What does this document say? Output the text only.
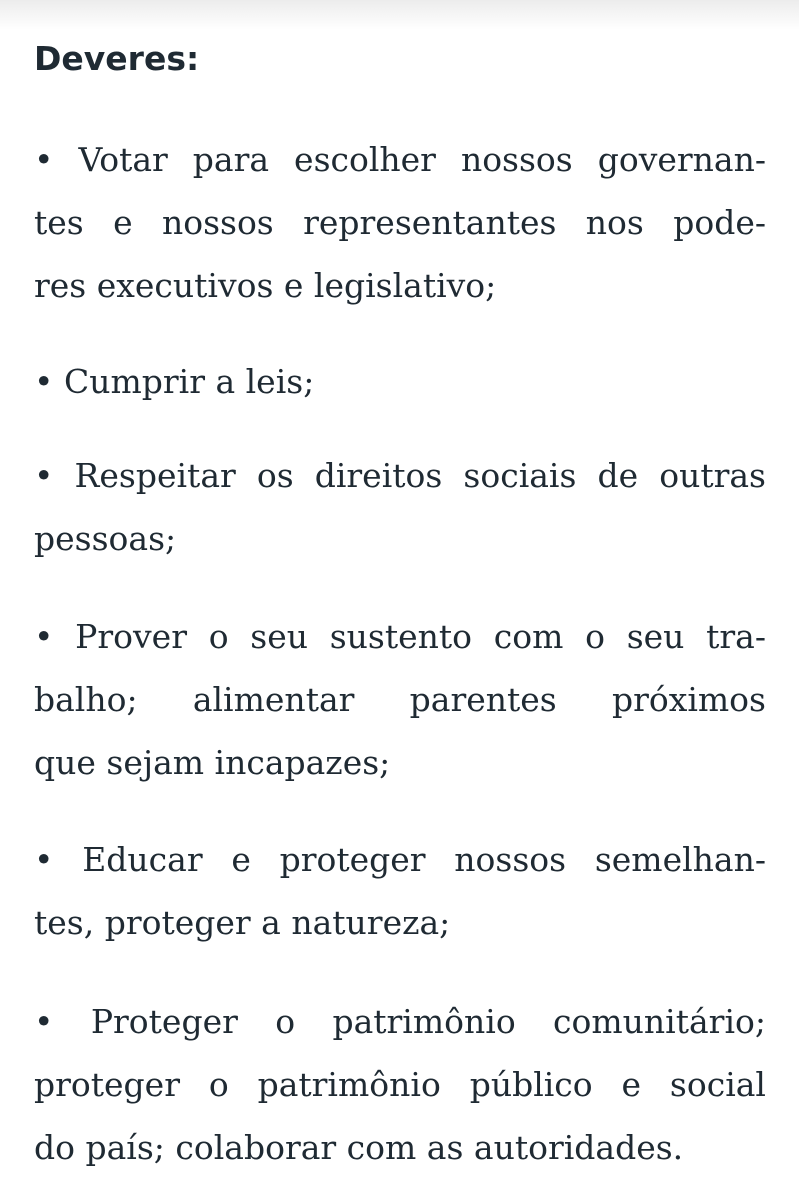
Deveres:

• Votar para escolher nossos governan-
tes e nossos representantes nos pode-
res executivos e legislativo;

• Cumprir a leis;

• Respeitar os direitos sociais de outras
pessoas;

• Prover o seu sustento com o seu tra-
balho; alimentar parentes próximos
que sejam incapazes;

• Educar e proteger nossos semelhan-
tes, proteger a natureza;

• Proteger o patrimônio comunitário;
proteger o patrimônio público e social
do país; colaborar com as autoridades.
